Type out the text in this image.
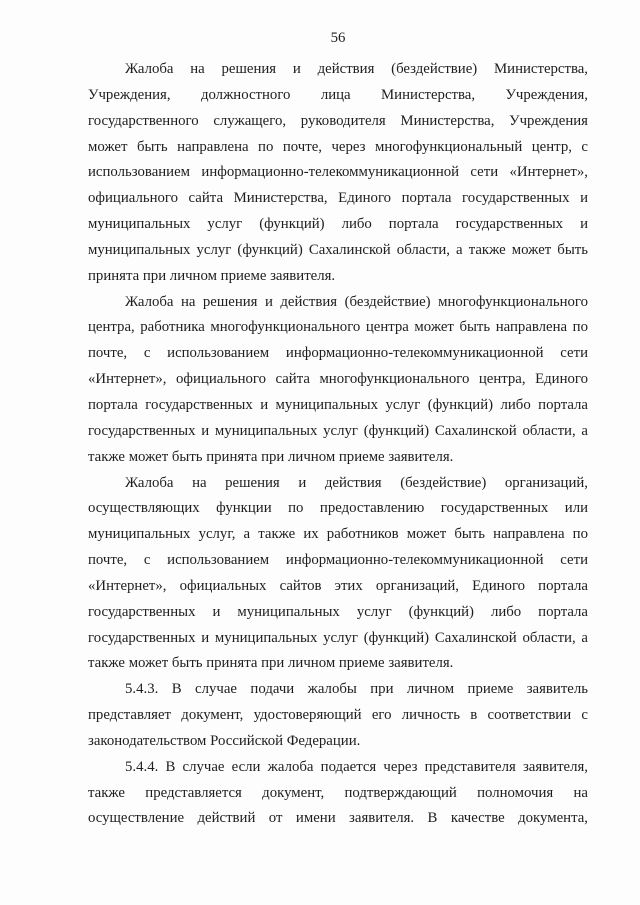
56
Жалоба на решения и действия (бездействие) Министерства,
Учреждения, должностного лица Министерства, Учреждения,
государственного служащего, руководителя Министерства, Учреждения
может быть направлена по почте, через многофункциональный центр, с
использованием информационно-телекоммуникационной сети «Интернет»,
официального сайта Министерства, Единого портала государственных и
муниципальных услуг (функций) либо портала государственных и
муниципальных услуг (функций) Сахалинской области, а также может быть
принята при личном приеме заявителя.
Жалоба на решения и действия (бездействие) многофункционального
центра, работника многофункционального центра может быть направлена по
почте, с использованием информационно-телекоммуникационной сети
«Интернет», официального сайта многофункционального центра, Единого
портала государственных и муниципальных услуг (функций) либо портала
государственных и муниципальных услуг (функций) Сахалинской области, а
также может быть принята при личном приеме заявителя.
Жалоба на решения и действия (бездействие) организаций,
осуществляющих функции по предоставлению государственных или
муниципальных услуг, а также их работников может быть направлена по
почте, с использованием информационно-телекоммуникационной сети
«Интернет», официальных сайтов этих организаций, Единого портала
государственных и муниципальных услуг (функций) либо портала
государственных и муниципальных услуг (функций) Сахалинской области, а
также может быть принята при личном приеме заявителя.
5.4.3. В случае подачи жалобы при личном приеме заявитель
представляет документ, удостоверяющий его личность в соответствии с
законодательством Российской Федерации.
5.4.4. В случае если жалоба подается через представителя заявителя,
также представляется документ, подтверждающий полномочия на
осуществление действий от имени заявителя. В качестве документа,
